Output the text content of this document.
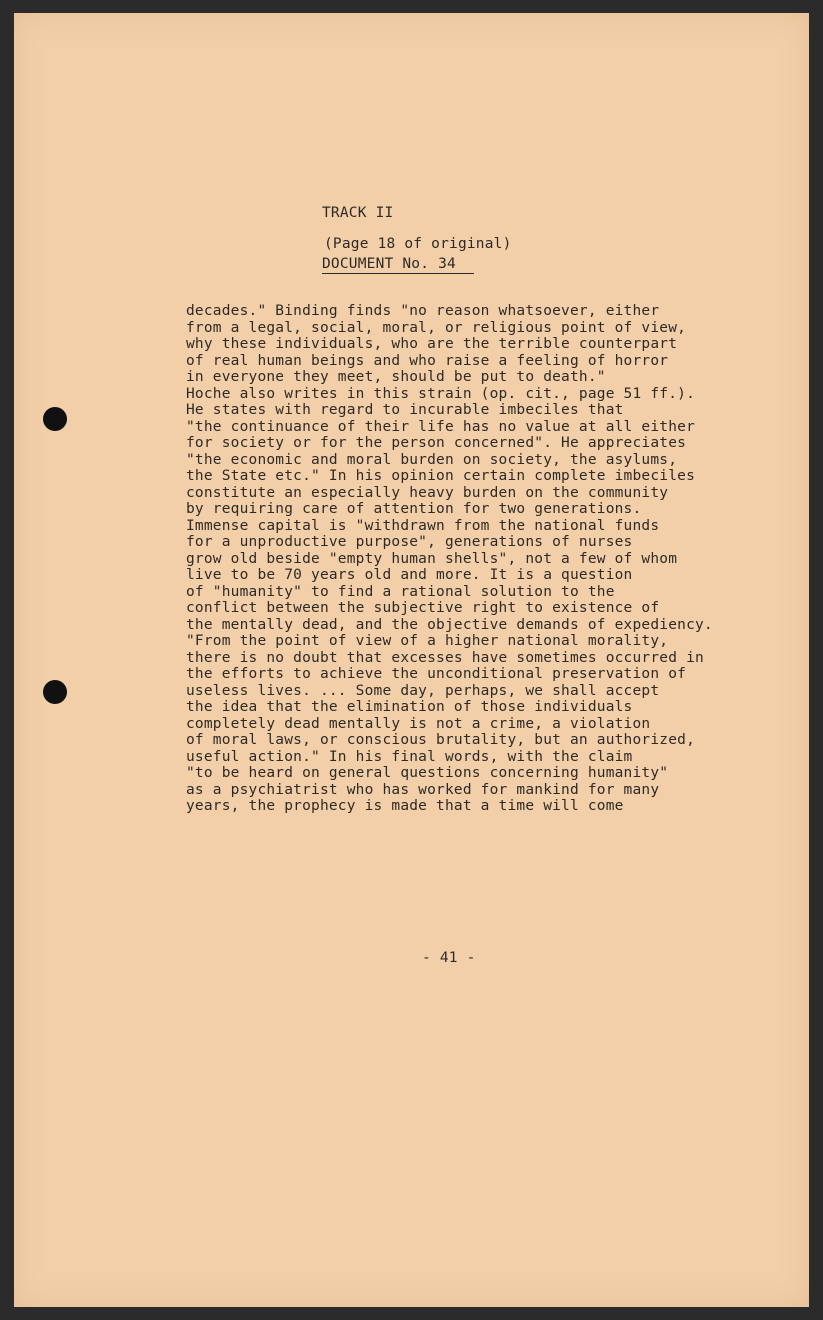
TRACK II

DOCUMENT No. 34

(Page 18 of original)
decades." Binding finds "no reason whatsoever, either
from a legal, social, moral, or religious point of view,
why these individuals, who are the terrible counterpart
of real human beings and who raise a feeling of horror
in everyone they meet, should be put to death."
Hoche also writes in this strain (op. cit., page 51 ff.).
He states with regard to incurable imbeciles that
"the continuance of their life has no value at all either
for society or for the person concerned". He appreciates
"the economic and moral burden on society, the asylums,
the State etc." In his opinion certain complete imbeciles
constitute an especially heavy burden on the community
by requiring care of attention for two generations.
Immense capital is "withdrawn from the national funds
for a unproductive purpose", generations of nurses
grow old beside "empty human shells", not a few of whom
live to be 70 years old and more. It is a question
of "humanity" to find a rational solution to the
conflict between the subjective right to existence of
the mentally dead, and the objective demands of expediency.
"From the point of view of a higher national morality,
there is no doubt that excesses have sometimes occurred in
the efforts to achieve the unconditional preservation of
useless lives. ... Some day, perhaps, we shall accept
the idea that the elimination of those individuals
completely dead mentally is not a crime, a violation
of moral laws, or conscious brutality, but an authorized,
useful action." In his final words, with the claim
"to be heard on general questions concerning humanity"
as a psychiatrist who has worked for mankind for many
years, the prophecy is made that a time will come
- 41 -
